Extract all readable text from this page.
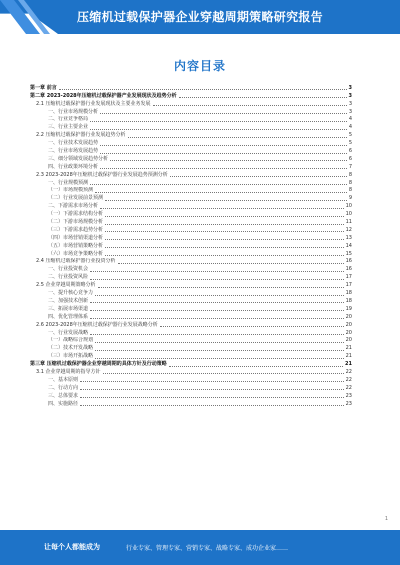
压缩机过载保护器企业穿越周期策略研究报告
内容目录
第一章 前言	3
第二章 2023-2028年压缩机过载保护器产业发展现状及趋势分析	3
2.1 压缩机过载保护器行业发展现状及主要业务发展	3
一、行业市场规模分析	3
二、行业竞争格局	4
三、行业主要企业	4
2.2 压缩机过载保护器行业发展趋势分析	5
一、行业技术发展趋势	5
二、行业市场发展趋势	6
三、细分领域发展趋势分析	6
四、行业政策环境分析	7
2.3 2023-2028年压缩机过载保护器行业发展趋势预测分析	8
一、行业规模预测	8
（一）市场规模预测	8
（二）行业发展前景预测	9
二、下游需求市场分析	10
（一）下游需求结构分析	10
（二）下游市场规模分析	11
（三）下游需求趋势分析	12
（四）市场营销渠道分析	13
（五）市场营销策略分析	14
（六）市场竞争策略分析	15
2.4 压缩机过载保护器行业投资分析	16
一、行业投资机会	16
二、行业投资风险	17
2.5 企业穿越周期策略分析	17
一、提升核心竞争力	18
二、加强技术创新	18
三、拓展市场渠道	19
四、优化管理体系	20
2.6 2023-2028年压缩机过载保护器行业发展战略分析	20
一、行业发展战略	20
（一）战略综合规划	20
（二）技术开发战略	21
（三）市场开拓战略	21
第三章 压缩机过载保护器企业穿越周期的具体方针及行动策略	21
3.1 企业穿越周期的指导方针	22
一、基本原则	22
二、行动方向	22
三、总体要求	23
四、实施路径	23
1
让每个人都能成为	行业专家、管理专家、营销专家、战略专家、成功企业家……
